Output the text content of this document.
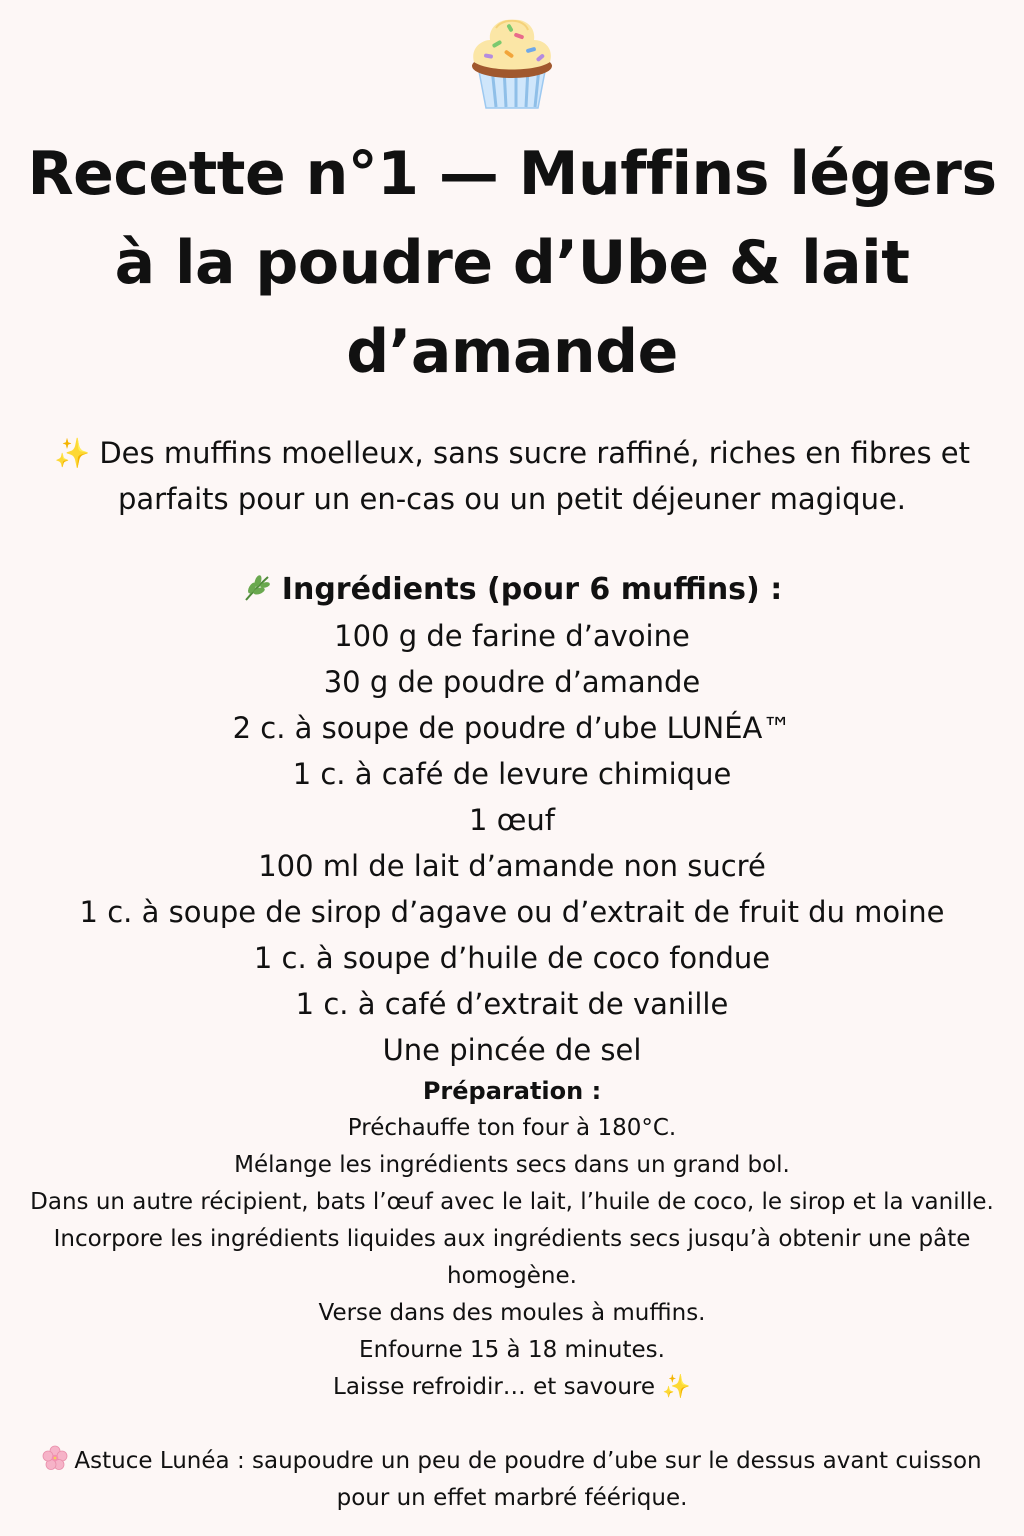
Recette n°1 — Muffins légers à la poudre d’Ube & lait d’amande

✨ Des muffins moelleux, sans sucre raffiné, riches en fibres et parfaits pour un en-cas ou un petit déjeuner magique.

Ingrédients (pour 6 muffins) :
100 g de farine d’avoine
30 g de poudre d’amande
2 c. à soupe de poudre d’ube LUNÉA™
1 c. à café de levure chimique
1 œuf
100 ml de lait d’amande non sucré
1 c. à soupe de sirop d’agave ou d’extrait de fruit du moine
1 c. à soupe d’huile de coco fondue
1 c. à café d’extrait de vanille
Une pincée de sel
Préparation :
Préchauffe ton four à 180°C.
Mélange les ingrédients secs dans un grand bol.
Dans un autre récipient, bats l’œuf avec le lait, l’huile de coco, le sirop et la vanille.
Incorpore les ingrédients liquides aux ingrédients secs jusqu’à obtenir une pâte homogène.
Verse dans des moules à muffins.
Enfourne 15 à 18 minutes.
Laisse refroidir… et savoure ✨

Astuce Lunéa : saupoudre un peu de poudre d’ube sur le dessus avant cuisson pour un effet marbré féérique.
